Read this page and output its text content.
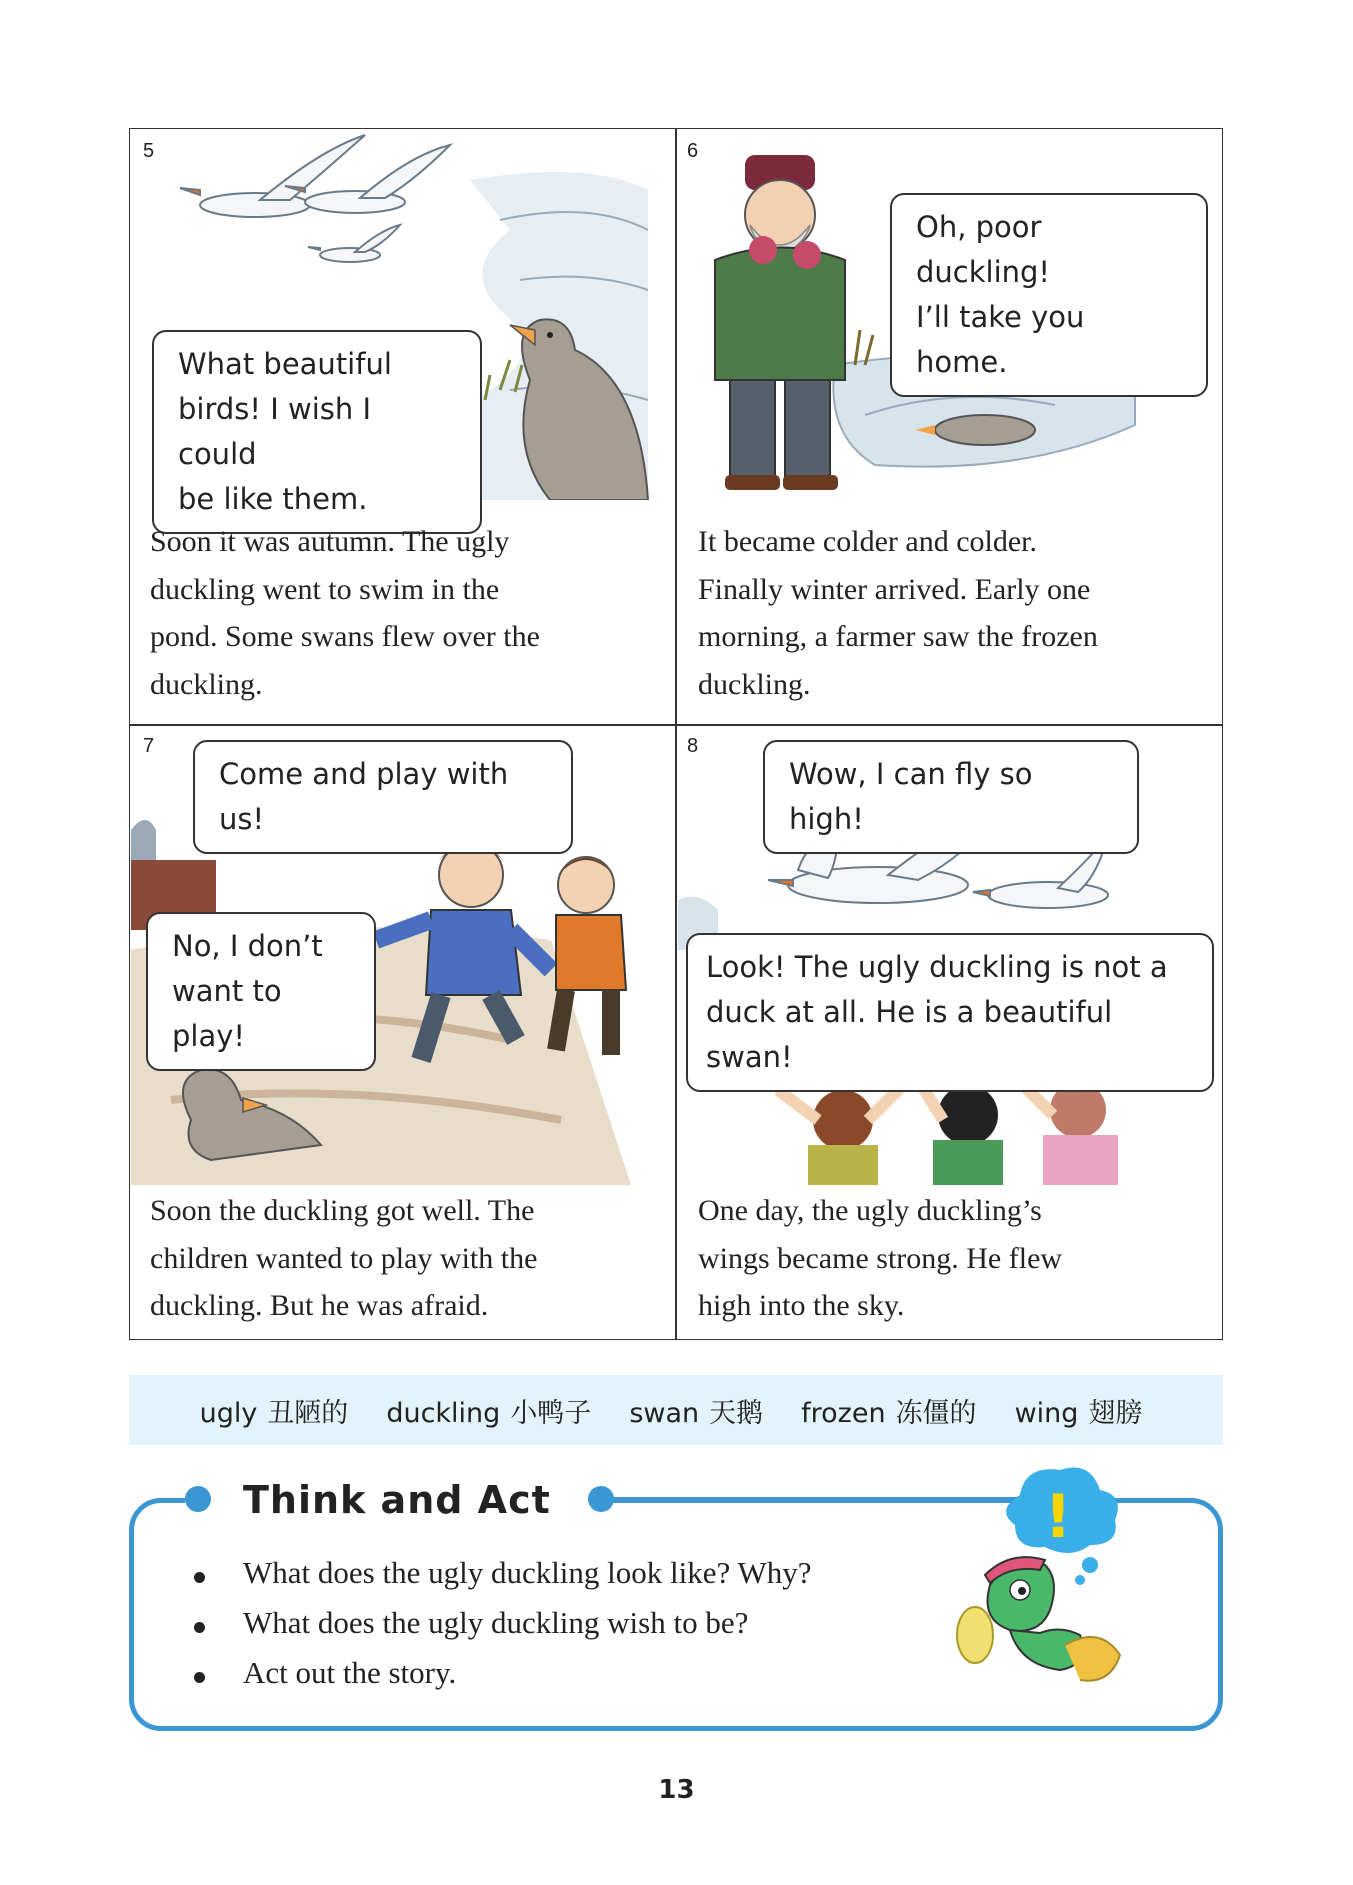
5
What beautiful
birds! I wish I could
be like them.
Soon it was autumn. The ugly
duckling went to swim in the
pond. Some swans flew over the
duckling.
6
Oh, poor duckling!
I’ll take you home.
It became colder and colder.
Finally winter arrived. Early one
morning, a farmer saw the frozen
duckling.
7
Come and play with us!
No, I don’t
want to play!
Soon the duckling got well. The
children wanted to play with the
duckling. But he was afraid.
8
Wow, I can fly so high!
Look! The ugly duckling is not a
duck at all. He is a beautiful swan!
One day, the ugly duckling’s
wings became strong. He flew
high into the sky.
ugly 丑陋的	duckling 小鸭子	swan 天鹅	frozen 冻僵的	wing 翅膀
Think and Act
What does the ugly duckling look like? Why?
What does the ugly duckling wish to be?
Act out the story.
!
13
